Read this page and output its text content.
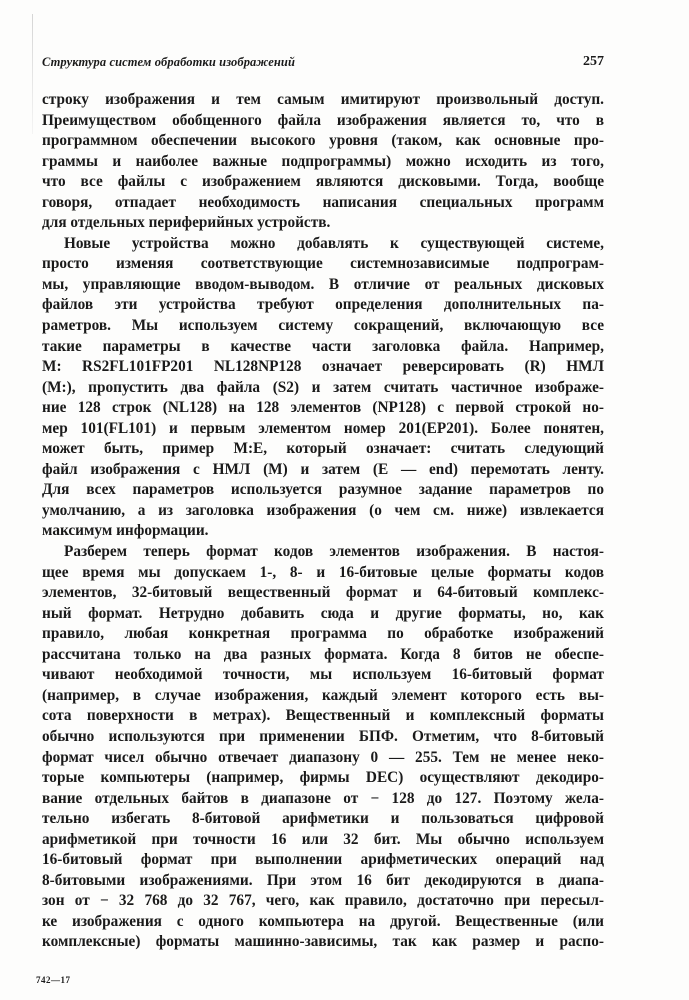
Структура систем обработки изображений	257
строку изображения и тем самым имитируют произвольный доступ.
Преимуществом обобщенного файла изображения является то, что в
программном обеспечении высокого уровня (таком, как основные про-
граммы и наиболее важные подпрограммы) можно исходить из того,
что все файлы с изображением являются дисковыми. Тогда, вообще
говоря, отпадает необходимость написания специальных программ
для отдельных периферийных устройств.
Новые устройства можно добавлять к существующей системе,
просто изменяя соответствующие системнозависимые подпрограм-
мы, управляющие вводом-выводом. В отличие от реальных дисковых
файлов эти устройства требуют определения дополнительных па-
раметров. Мы используем систему сокращений, включающую все
такие параметры в качестве части заголовка файла. Например,
M: RS2FL101FP201 NL128NP128 означает реверсировать (R) НМЛ
(M:), пропустить два файла (S2) и затем считать частичное изображе-
ние 128 строк (NL128) на 128 элементов (NP128) с первой строкой но-
мер 101(FL101) и первым элементом номер 201(EP201). Более понятен,
может быть, пример M:E, который означает: считать следующий
файл изображения с НМЛ (M) и затем (E — end) перемотать ленту.
Для всех параметров используется разумное задание параметров по
умолчанию, а из заголовка изображения (о чем см. ниже) извлекается
максимум информации.
Разберем теперь формат кодов элементов изображения. В настоя-
щее время мы допускаем 1-, 8- и 16-битовые целые форматы кодов
элементов, 32-битовый вещественный формат и 64-битовый комплекс-
ный формат. Нетрудно добавить сюда и другие форматы, но, как
правило, любая конкретная программа по обработке изображений
рассчитана только на два разных формата. Когда 8 битов не обеспе-
чивают необходимой точности, мы используем 16-битовый формат
(например, в случае изображения, каждый элемент которого есть вы-
сота поверхности в метрах). Вещественный и комплексный форматы
обычно используются при применении БПФ. Отметим, что 8-битовый
формат чисел обычно отвечает диапазону 0 — 255. Тем не менее неко-
торые компьютеры (например, фирмы DEC) осуществляют декодиро-
вание отдельных байтов в диапазоне от − 128 до 127. Поэтому жела-
тельно избегать 8-битовой арифметики и пользоваться цифровой
арифметикой при точности 16 или 32 бит. Мы обычно используем
16-битовый формат при выполнении арифметических операций над
8-битовыми изображениями. При этом 16 бит декодируются в диапа-
зон от − 32 768 до 32 767, чего, как правило, достаточно при пересыл-
ке изображения с одного компьютера на другой. Вещественные (или
комплексные) форматы машинно-зависимы, так как размер и распо-
742—17
